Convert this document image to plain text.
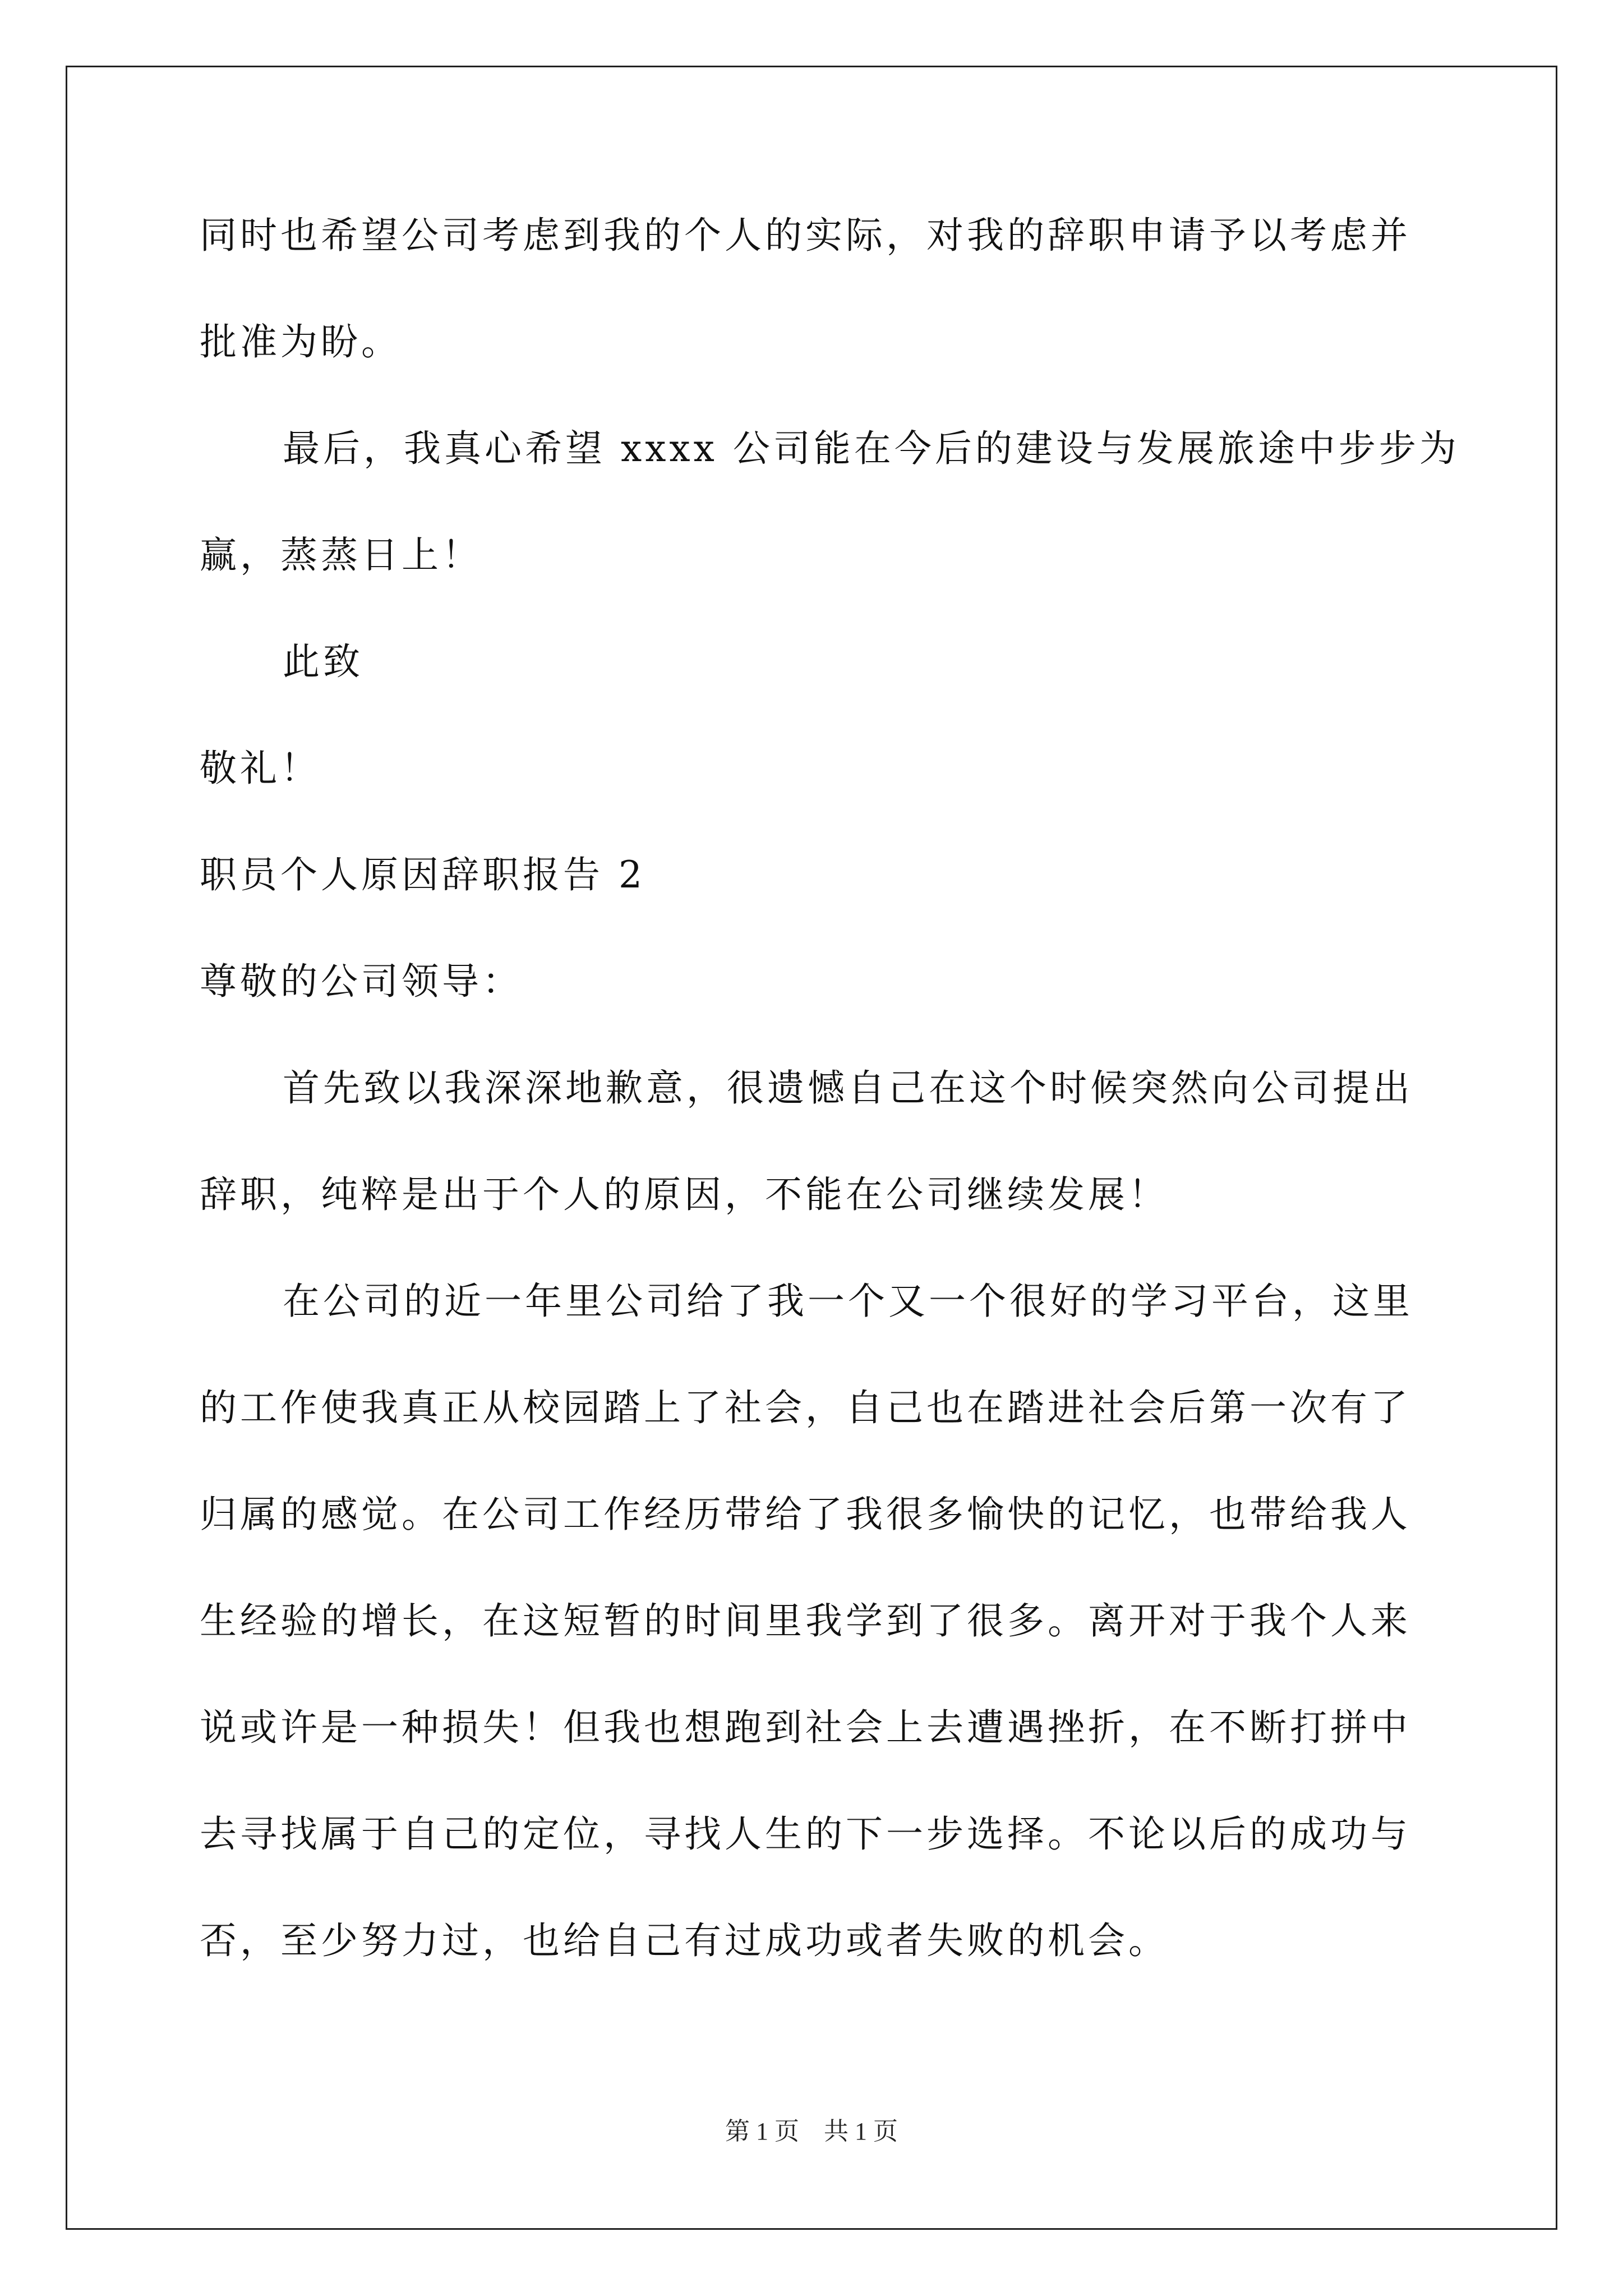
同时也希望公司考虑到我的个人的实际，对我的辞职申请予以考虑并
批准为盼。
最后，我真心希望 xxxx 公司能在今后的建设与发展旅途中步步为
赢，蒸蒸日上！
此致
敬礼！
职员个人原因辞职报告 2
尊敬的公司领导：
首先致以我深深地歉意，很遗憾自己在这个时候突然向公司提出
辞职，纯粹是出于个人的原因，不能在公司继续发展！
在公司的近一年里公司给了我一个又一个很好的学习平台，这里
的工作使我真正从校园踏上了社会，自己也在踏进社会后第一次有了
归属的感觉。在公司工作经历带给了我很多愉快的记忆，也带给我人
生经验的增长，在这短暂的时间里我学到了很多。离开对于我个人来
说或许是一种损失！但我也想跑到社会上去遭遇挫折，在不断打拼中
去寻找属于自己的定位，寻找人生的下一步选择。不论以后的成功与
否，至少努力过，也给自己有过成功或者失败的机会。
第 1 页　共 1 页
